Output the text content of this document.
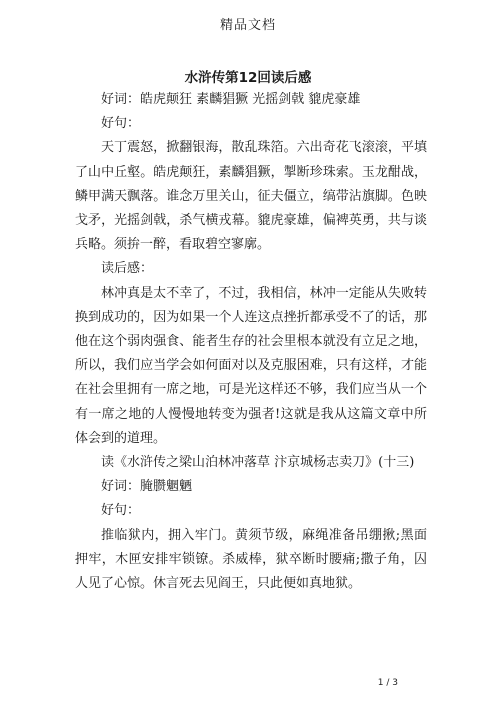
精品文档
水浒传第12回读后感

好词：皓虎颠狂 素麟猖獗 光摇剑戟 貔虎豪雄

好句：

天丁震怒，掀翻银海，散乱珠箔。六出奇花飞滚滚，平填了山中丘壑。皓虎颠狂，素麟猖獗，掣断珍珠索。玉龙酣战，鳞甲满天飘落。谁念万里关山，征夫僵立，缟带沾旗脚。色映戈矛，光摇剑戟，杀气横戎幕。貔虎豪雄，偏裨英勇，共与谈兵略。须拚一醉，看取碧空寥廓。

读后感：

林冲真是太不幸了，不过，我相信，林冲一定能从失败转换到成功的，因为如果一个人连这点挫折都承受不了的话，那他在这个弱肉强食、能者生存的社会里根本就没有立足之地，所以，我们应当学会如何面对以及克服困难，只有这样，才能在社会里拥有一席之地，可是光这样还不够，我们应当从一个有一席之地的人慢慢地转变为强者!这就是我从这篇文章中所体会到的道理。

读《水浒传之梁山泊林冲落草 汴京城杨志卖刀》(十三)

好词：腌臜魍魉

好句：

推临狱内，拥入牢门。黄须节级，麻绳准备吊绷揪;黑面押牢，木匣安排牢锁镣。杀威棒，狱卒断时腰痛;撒子角，囚人见了心惊。休言死去见阎王，只此便如真地狱。

1 / 3
